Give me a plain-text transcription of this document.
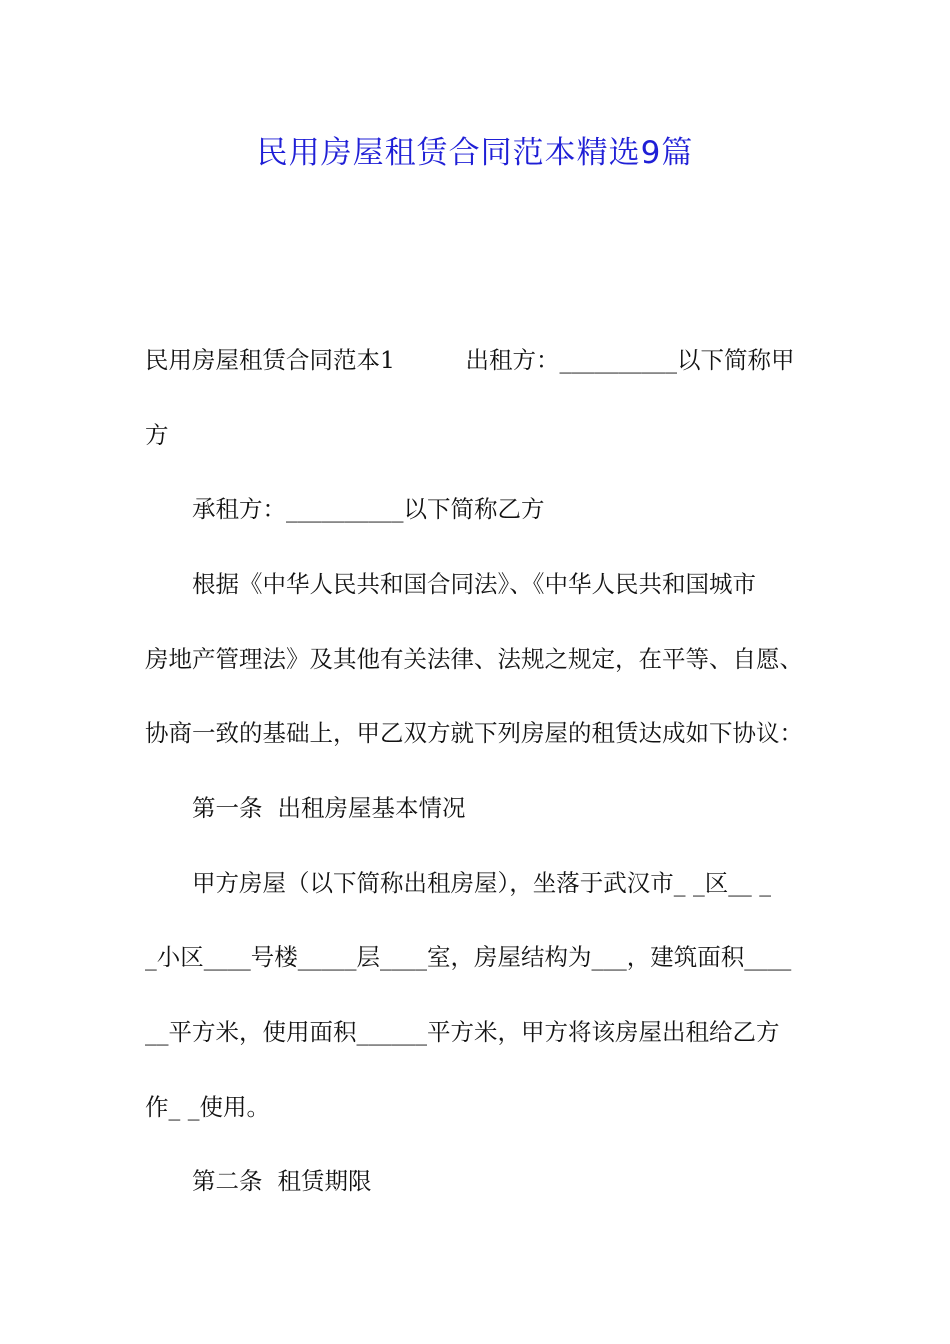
民用房屋租赁合同范本精选9篇
民用房屋租赁合同范本1　　　出租方：__________以下简称甲
方
承租方：__________以下简称乙方
根据《中华人民共和国合同法》、《中华人民共和国城市
房地产管理法》及其他有关法律、法规之规定，在平等、自愿、
协商一致的基础上，甲乙双方就下列房屋的租赁达成如下协议：
第一条  出租房屋基本情况
甲方房屋（以下简称出租房屋），坐落于武汉市_ _区__ _
_小区____号楼_____层____室，房屋结构为___，建筑面积____
__平方米，使用面积______平方米，甲方将该房屋出租给乙方
作_ _使用。
第二条  租赁期限
